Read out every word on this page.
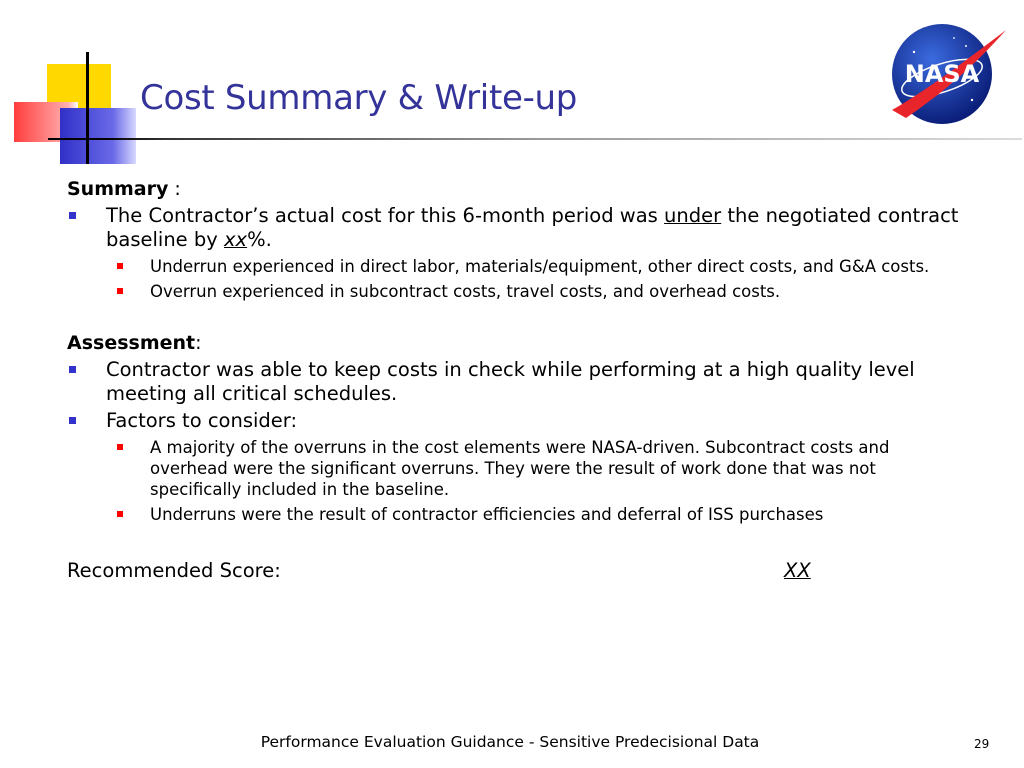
Cost Summary & Write-up
NASA
Summary :
The Contractor’s actual cost for this 6-month period was under the negotiated contract baseline by xx%.
Underrun experienced in direct labor, materials/equipment, other direct costs, and G&A costs.
Overrun experienced in subcontract costs, travel costs, and overhead costs.
Assessment:
Contractor was able to keep costs in check while performing at a high quality level meeting all critical schedules.
Factors to consider:
A majority of the overruns in the cost elements were NASA-driven. Subcontract costs and overhead were the significant overruns. They were the result of work done that was not specifically included in the baseline.
Underruns were the result of contractor efficiencies and deferral of ISS purchases
Recommended Score:	XX
Performance Evaluation Guidance - Sensitive Predecisional Data	29
